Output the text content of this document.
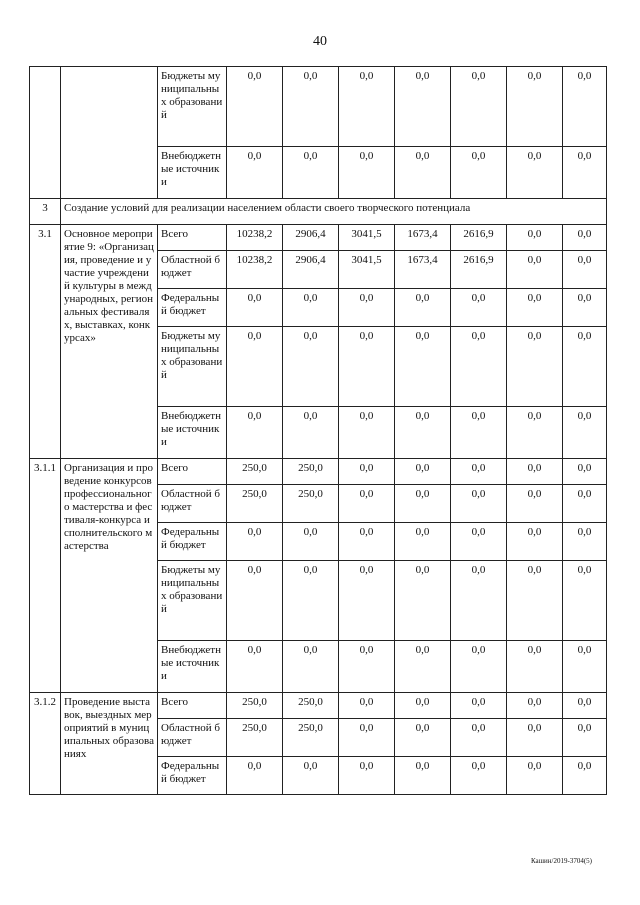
40
		Бюджеты муниципальных образований	0,0	0,0	0,0	0,0	0,0	0,0	0,0
		Внебюджетные источники	0,0	0,0	0,0	0,0	0,0	0,0	0,0
3	Создание условий для реализации населением области своего творческого потенциала								
3.1	Основное мероприятие 9: «Организация, проведение и участие учреждений культуры в международных, региональных фестивалях, выставках, конкурсах»	Всего	10238,2	2906,4	3041,5	1673,4	2616,9	0,0	0,0
		Областной бюджет	10238,2	2906,4	3041,5	1673,4	2616,9	0,0	0,0
		Федеральный бюджет	0,0	0,0	0,0	0,0	0,0	0,0	0,0
		Бюджеты муниципальных образований	0,0	0,0	0,0	0,0	0,0	0,0	0,0
		Внебюджетные источники	0,0	0,0	0,0	0,0	0,0	0,0	0,0
3.1.1	Организация и проведение конкурсов профессионального мастерства и фестиваля-конкурса исполнительского мастерства	Всего	250,0	250,0	0,0	0,0	0,0	0,0	0,0
		Областной бюджет	250,0	250,0	0,0	0,0	0,0	0,0	0,0
		Федеральный бюджет	0,0	0,0	0,0	0,0	0,0	0,0	0,0
		Бюджеты муниципальных образований	0,0	0,0	0,0	0,0	0,0	0,0	0,0
		Внебюджетные источники	0,0	0,0	0,0	0,0	0,0	0,0	0,0
3.1.2	Проведение выставок, выездных мероприятий в муниципальных образованиях	Всего	250,0	250,0	0,0	0,0	0,0	0,0	0,0
		Областной бюджет	250,0	250,0	0,0	0,0	0,0	0,0	0,0
		Федеральный бюджет	0,0	0,0	0,0	0,0	0,0	0,0	0,0
Кашин/2019-3704(5)
